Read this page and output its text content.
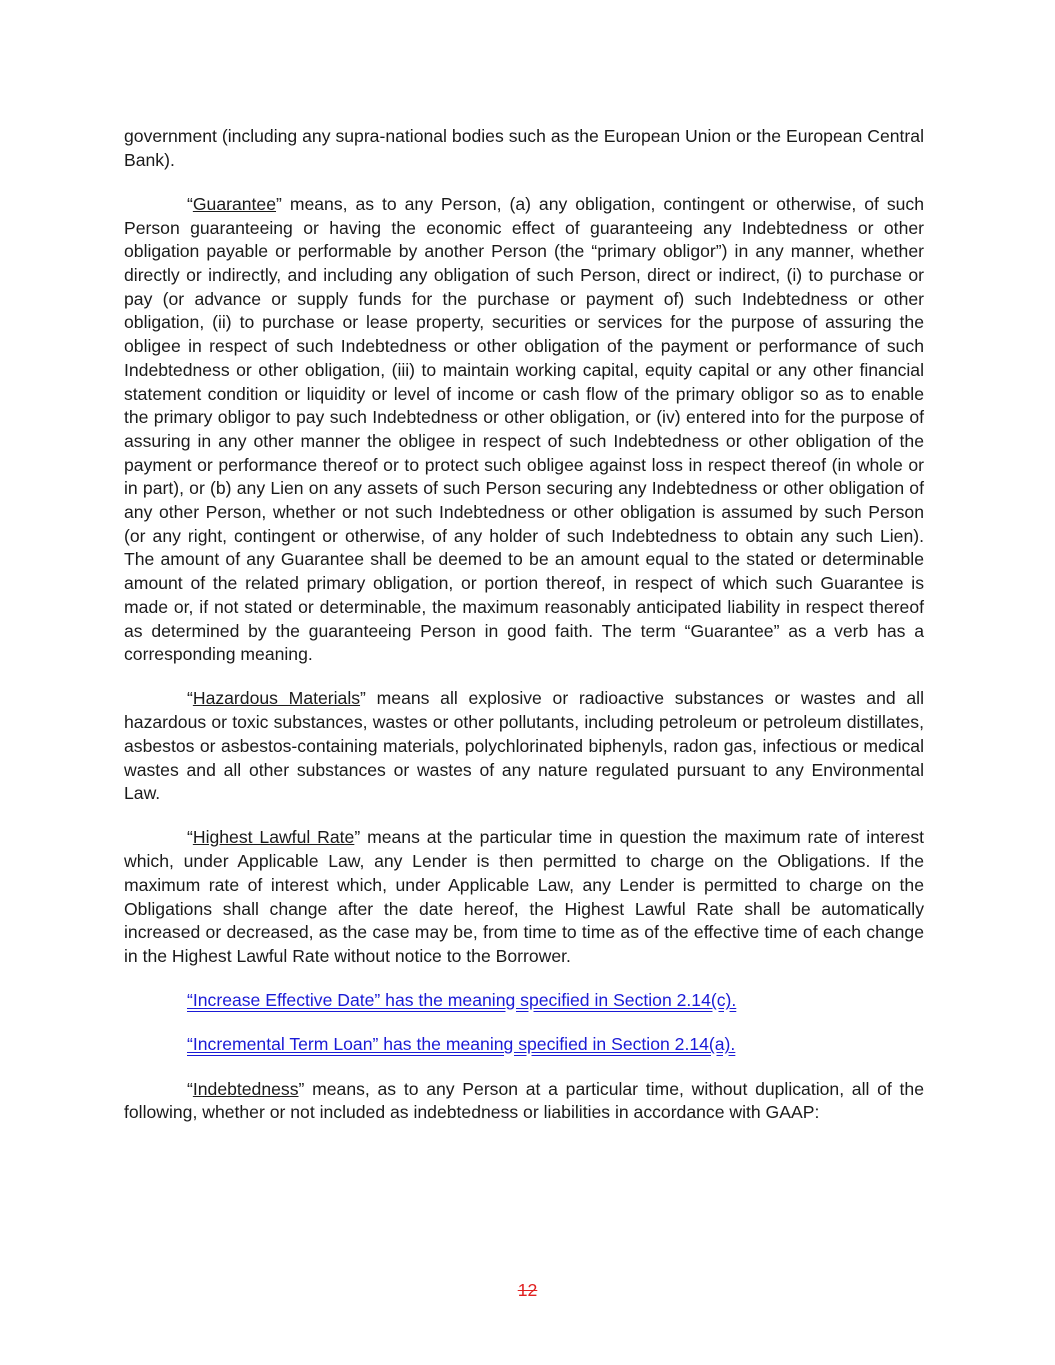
government (including any supra-national bodies such as the European Union or the European Central Bank).

“Guarantee” means, as to any Person, (a) any obligation, contingent or otherwise, of such Person guaranteeing or having the economic effect of guaranteeing any Indebtedness or other obligation payable or performable by another Person (the “primary obligor”) in any manner, whether directly or indirectly, and including any obligation of such Person, direct or indirect, (i) to purchase or pay (or advance or supply funds for the purchase or payment of) such Indebtedness or other obligation, (ii) to purchase or lease property, securities or services for the purpose of assuring the obligee in respect of such Indebtedness or other obligation of the payment or performance of such Indebtedness or other obligation, (iii) to maintain working capital, equity capital or any other financial statement condition or liquidity or level of income or cash flow of the primary obligor so as to enable the primary obligor to pay such Indebtedness or other obligation, or (iv) entered into for the purpose of assuring in any other manner the obligee in respect of such Indebtedness or other obligation of the payment or performance thereof or to protect such obligee against loss in respect thereof (in whole or in part), or (b) any Lien on any assets of such Person securing any Indebtedness or other obligation of any other Person, whether or not such Indebtedness or other obligation is assumed by such Person (or any right, contingent or otherwise, of any holder of such Indebtedness to obtain any such Lien). The amount of any Guarantee shall be deemed to be an amount equal to the stated or determinable amount of the related primary obligation, or portion thereof, in respect of which such Guarantee is made or, if not stated or determinable, the maximum reasonably anticipated liability in respect thereof as determined by the guaranteeing Person in good faith. The term “Guarantee” as a verb has a corresponding meaning.

“Hazardous Materials” means all explosive or radioactive substances or wastes and all hazardous or toxic substances, wastes or other pollutants, including petroleum or petroleum distillates, asbestos or asbestos-containing materials, polychlorinated biphenyls, radon gas, infectious or medical wastes and all other substances or wastes of any nature regulated pursuant to any Environmental Law.

“Highest Lawful Rate” means at the particular time in question the maximum rate of interest which, under Applicable Law, any Lender is then permitted to charge on the Obligations. If the maximum rate of interest which, under Applicable Law, any Lender is permitted to charge on the Obligations shall change after the date hereof, the Highest Lawful Rate shall be automatically increased or decreased, as the case may be, from time to time as of the effective time of each change in the Highest Lawful Rate without notice to the Borrower.

“Increase Effective Date” has the meaning specified in Section 2.14(c).

“Incremental Term Loan” has the meaning specified in Section 2.14(a).

“Indebtedness” means, as to any Person at a particular time, without duplication, all of the following, whether or not included as indebtedness or liabilities in accordance with GAAP:

12
